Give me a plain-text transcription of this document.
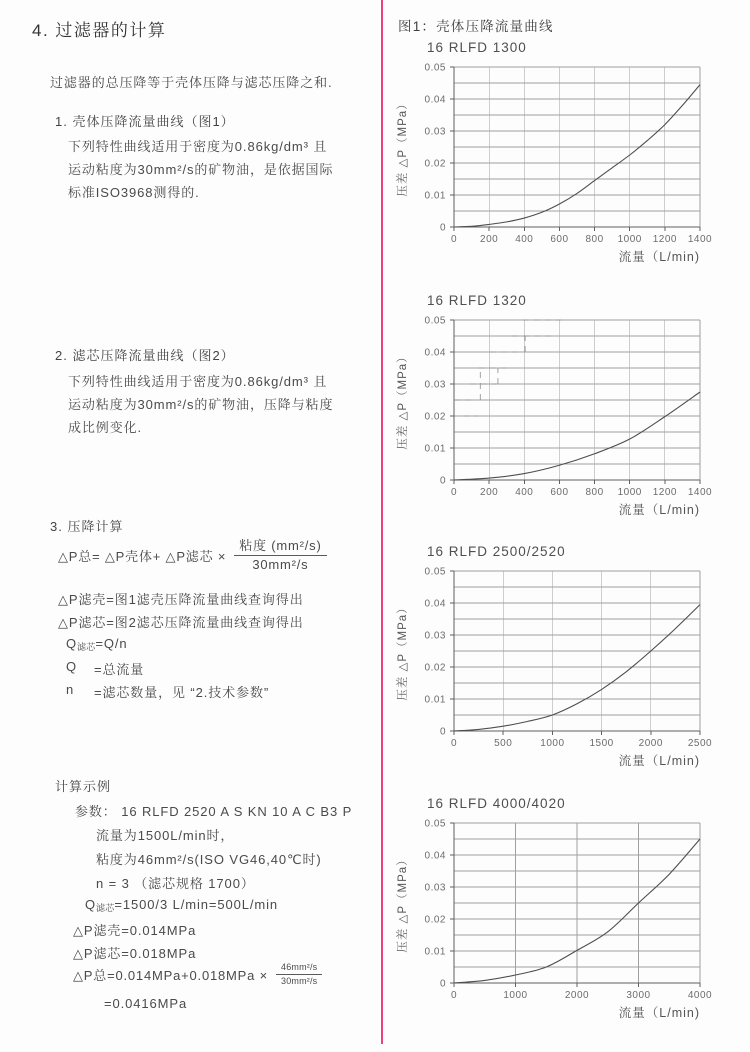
4. 过滤器的计算
过滤器的总压降等于壳体压降与滤芯压降之和.
1. 壳体压降流量曲线（图1）
下列特性曲线适用于密度为0.86kg/dm³ 且
运动粘度为30mm²/s的矿物油，是依据国际
标准ISO3968测得的.
2. 滤芯压降流量曲线（图2）
下列特性曲线适用于密度为0.86kg/dm³ 且
运动粘度为30mm²/s的矿物油，压降与粘度
成比例变化.
3. 压降计算
△P总= △P壳体+ △P滤芯 × $\frac{\text{粘度 (mm²/s)}}{\text{30mm²/s}}$
△P滤壳=图1滤壳压降流量曲线查询得出
△P滤芯=图2滤芯压降流量曲线查询得出
$Q_{滤芯}=Q/n$
Q	=总流量
n	=滤芯数量，见 “2.技术参数”
计算示例
参数： 16 RLFD 2520 A S KN 10 A C B3 P
流量为1500L/min时，
粘度为46mm²/s(ISO VG46,40℃时)
n = 3 （滤芯规格 1700）
$Q_{滤芯}=1500/3$ L/min=500L/min
△P滤壳=0.014MPa
△P滤芯=0.018MPa
△P总$=0.014MPa+0.018MPa \times \frac{\text{46mm²/s}}{\text{30mm²/s}}$
=0.0416MPa
图1：壳体压降流量曲线
16 RLFD 1300
0 200 400 600 800 1000 1200 1400
0
0.01
0.02
0.03
0.04
0.05
流量（L/min)
压差 △P（MPa）
16 RLFD 1320
0 200 400 600 800 1000 1200 1400
0
0.01
0.02
0.03
0.04
0.05
流量（L/min)
压差 △P（MPa）
16 RLFD 2500/2520
0	500	1000 1500 2000 2500
0
0.01
0.02
0.03
0.04
0.05
流量（L/min)
压差 △P（MPa）
16 RLFD 4000/4020
0	1000	2000	3000	4000
0
0.01
0.02
0.03
0.04
0.05
流量（L/min)
压差 △P（MPa）
